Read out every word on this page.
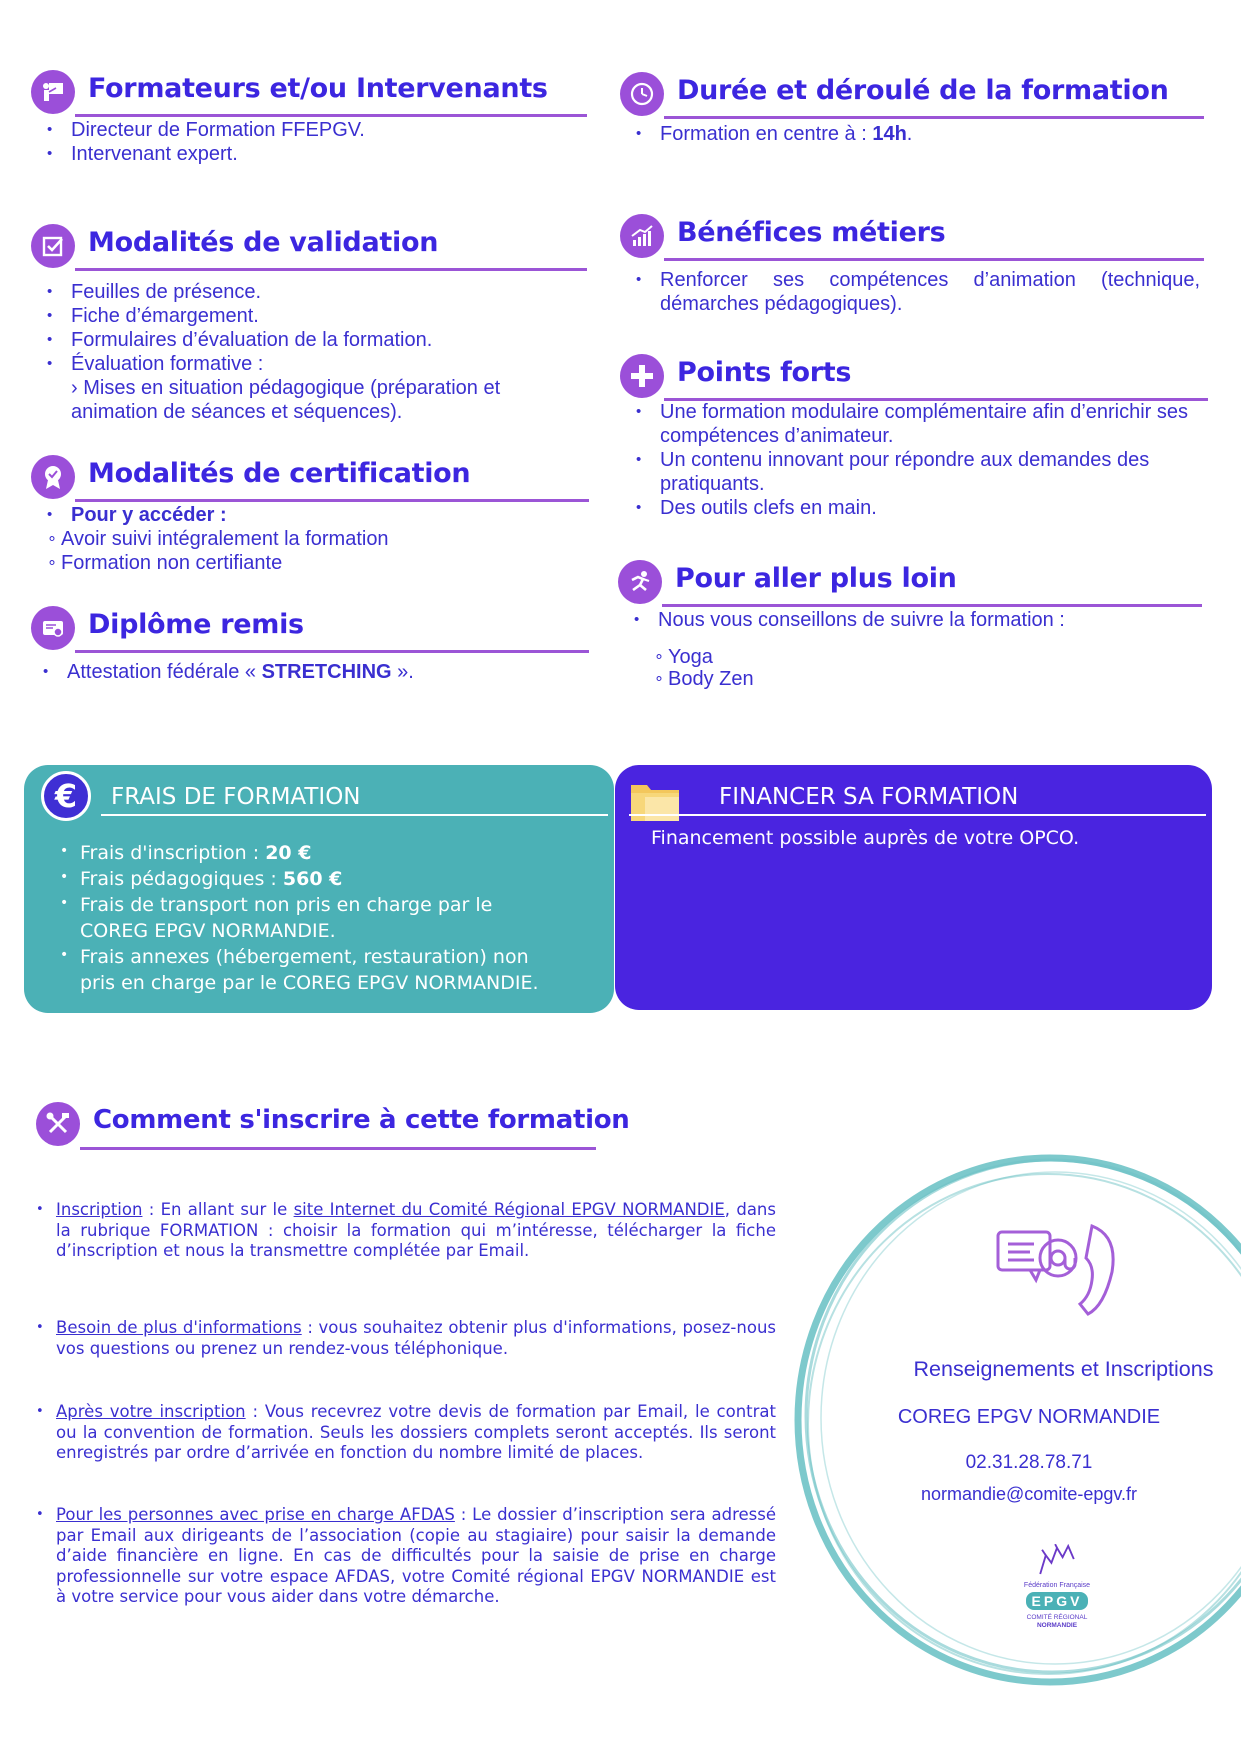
Formateurs et/ou Intervenants
• Directeur de Formation FFEPGV.
• Intervenant expert.
Durée et déroulé de la formation
• Formation en centre à : 14h.
Modalités de validation
• Feuilles de présence.
• Fiche d’émargement.
• Formulaires d’évaluation de la formation.
• Évaluation formative :
› Mises en situation pédagogique (préparation et animation de séances et séquences).
Bénéfices métiers
• Renforcer ses compétences d’animation (technique, démarches pédagogiques).
Points forts
• Une formation modulaire complémentaire afin d’enrichir ses compétences d’animateur.
• Un contenu innovant pour répondre aux demandes des pratiquants.
• Des outils clefs en main.
Modalités de certification
• Pour y accéder :
∘ Avoir suivi intégralement la formation
∘ Formation non certifiante	Pour aller plus loin
• Nous vous conseillons de suivre la formation :
∘ Yoga
∘ Body Zen
Diplôme remis
• Attestation fédérale « STRETCHING ».
€	FRAIS DE FORMATION
• Frais d'inscription : 20 €
• Frais pédagogiques : 560 €
• Frais de transport non pris en charge par le COREG EPGV NORMANDIE.
• Frais annexes (hébergement, restauration) non pris en charge par le COREG EPGV NORMANDIE.
FINANCER SA FORMATION
Financement possible auprès de votre OPCO.
Comment s'inscrire à cette formation
• Inscription : En allant sur le site Internet du Comité Régional EPGV NORMANDIE, dans la rubrique FORMATION : choisir la formation qui m’intéresse, télécharger la fiche d’inscription et nous la transmettre complétée par Email.
• Besoin de plus d'informations : vous souhaitez obtenir plus d'informations, posez-nous vos questions ou prenez un rendez-vous téléphonique.
• Après votre inscription : Vous recevrez votre devis de formation par Email, le contrat ou la convention de formation. Seuls les dossiers complets seront acceptés. Ils seront enregistrés par ordre d’arrivée en fonction du nombre limité de places.
• Pour les personnes avec prise en charge AFDAS : Le dossier d’inscription sera adressé par Email aux dirigeants de l’association (copie au stagiaire) pour saisir la demande d’aide financière en ligne. En cas de difficultés pour la saisie de prise en charge professionnelle sur votre espace AFDAS, votre Comité régional EPGV NORMANDIE est à votre service pour vous aider dans votre démarche.
Renseignements et Inscriptions
COREG EPGV NORMANDIE
02.31.28.78.71
normandie@comite-epgv.fr
Fédération Française
EPGV
COMITÉ RÉGIONAL
NORMANDIE
